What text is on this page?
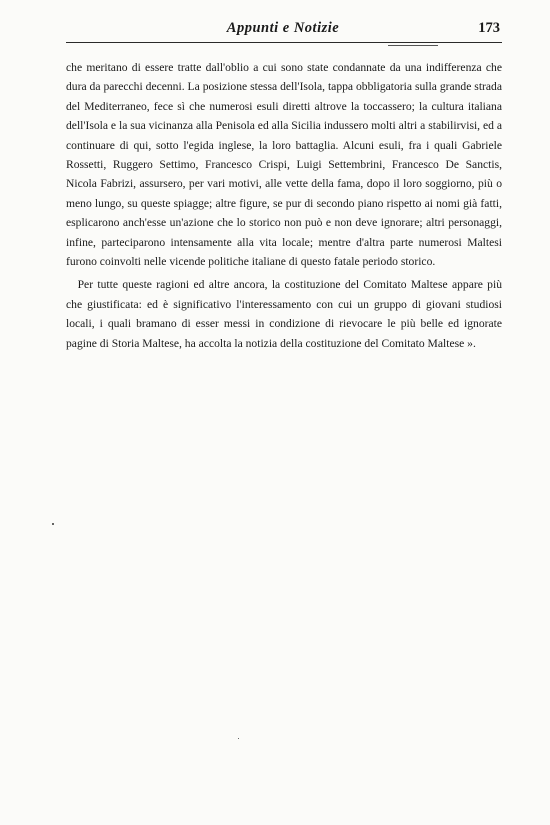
Appunti e Notizie	173

che meritano di essere tratte dall'oblio a cui sono state condannate da una indifferenza che dura da parecchi decenni. La posizione stessa dell'Isola, tappa obbligatoria sulla grande strada del Mediterraneo, fece sì che numerosi esuli diretti altrove la toccassero; la cultura italiana dell'Isola e la sua vicinanza alla Penisola ed alla Sicilia indussero molti altri a stabilirvisi, ed a continuare di qui, sotto l'egida inglese, la loro battaglia. Alcuni esuli, fra i quali Gabriele Rossetti, Ruggero Settimo, Francesco Crispi, Luigi Settembrini, Francesco De Sanctis, Nicola Fabrizi, assursero, per vari motivi, alle vette della fama, dopo il loro soggiorno, più o meno lungo, su queste spiagge; altre figure, se pur di secondo piano rispetto ai nomi già fatti, esplicarono anch'esse un'azione che lo storico non può e non deve ignorare; altri personaggi, infine, parteciparono intensamente alla vita locale; mentre d'altra parte numerosi Maltesi furono coinvolti nelle vicende politiche italiane di questo fatale periodo storico.

 Per tutte queste ragioni ed altre ancora, la costituzione del Comitato Maltese appare più che giustificata: ed è significativo l'interessamento con cui un gruppo di giovani studiosi locali, i quali bramano di esser messi in condizione di rievocare le più belle ed ignorate pagine di Storia Maltese, ha accolta la notizia della costituzione del Comitato Maltese ».
